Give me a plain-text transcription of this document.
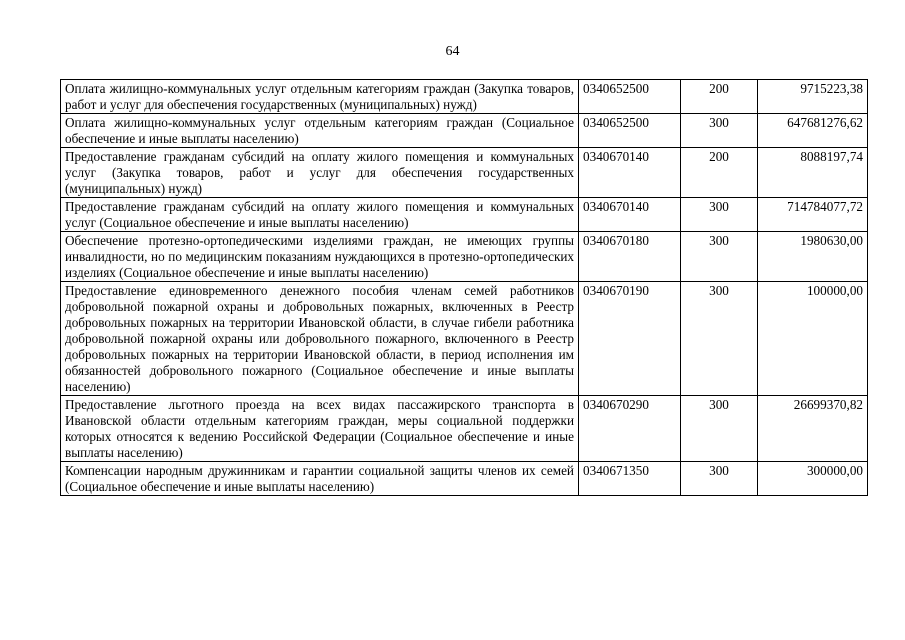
64
Оплата жилищно-коммунальных услуг отдельным категориям граждан (Закупка товаров, работ и услуг для обеспечения государственных (муниципальных) нужд)	0340652500	200	9715223,38
Оплата жилищно-коммунальных услуг отдельным категориям граждан (Социальное обеспечение и иные выплаты населению)	0340652500	300	647681276,62
Предоставление гражданам субсидий на оплату жилого помещения и коммунальных услуг (Закупка товаров, работ и услуг для обеспечения государственных (муниципальных) нужд)	0340670140	200	8088197,74
Предоставление гражданам субсидий на оплату жилого помещения и коммунальных услуг (Социальное обеспечение и иные выплаты населению)	0340670140	300	714784077,72
Обеспечение протезно-ортопедическими изделиями граждан, не имеющих группы инвалидности, но по медицинским показаниям нуждающихся в протезно-ортопедических изделиях (Социальное обеспечение и иные выплаты населению)	0340670180	300	1980630,00
Предоставление единовременного денежного пособия членам семей работников добровольной пожарной охраны и добровольных пожарных, включенных в Реестр добровольных пожарных на территории Ивановской области, в случае гибели работника добровольной пожарной охраны или добровольного пожарного, включенного в Реестр добровольных пожарных на территории Ивановской области, в период исполнения им обязанностей добровольного пожарного (Социальное обеспечение и иные выплаты населению)	0340670190	300	100000,00
Предоставление льготного проезда на всех видах пассажирского транспорта в Ивановской области отдельным категориям граждан, меры социальной поддержки которых относятся к ведению Российской Федерации (Социальное обеспечение и иные выплаты населению)	0340670290	300	26699370,82
Компенсации народным дружинникам и гарантии социальной защиты членов их семей (Социальное обеспечение и иные выплаты населению)	0340671350	300	300000,00
